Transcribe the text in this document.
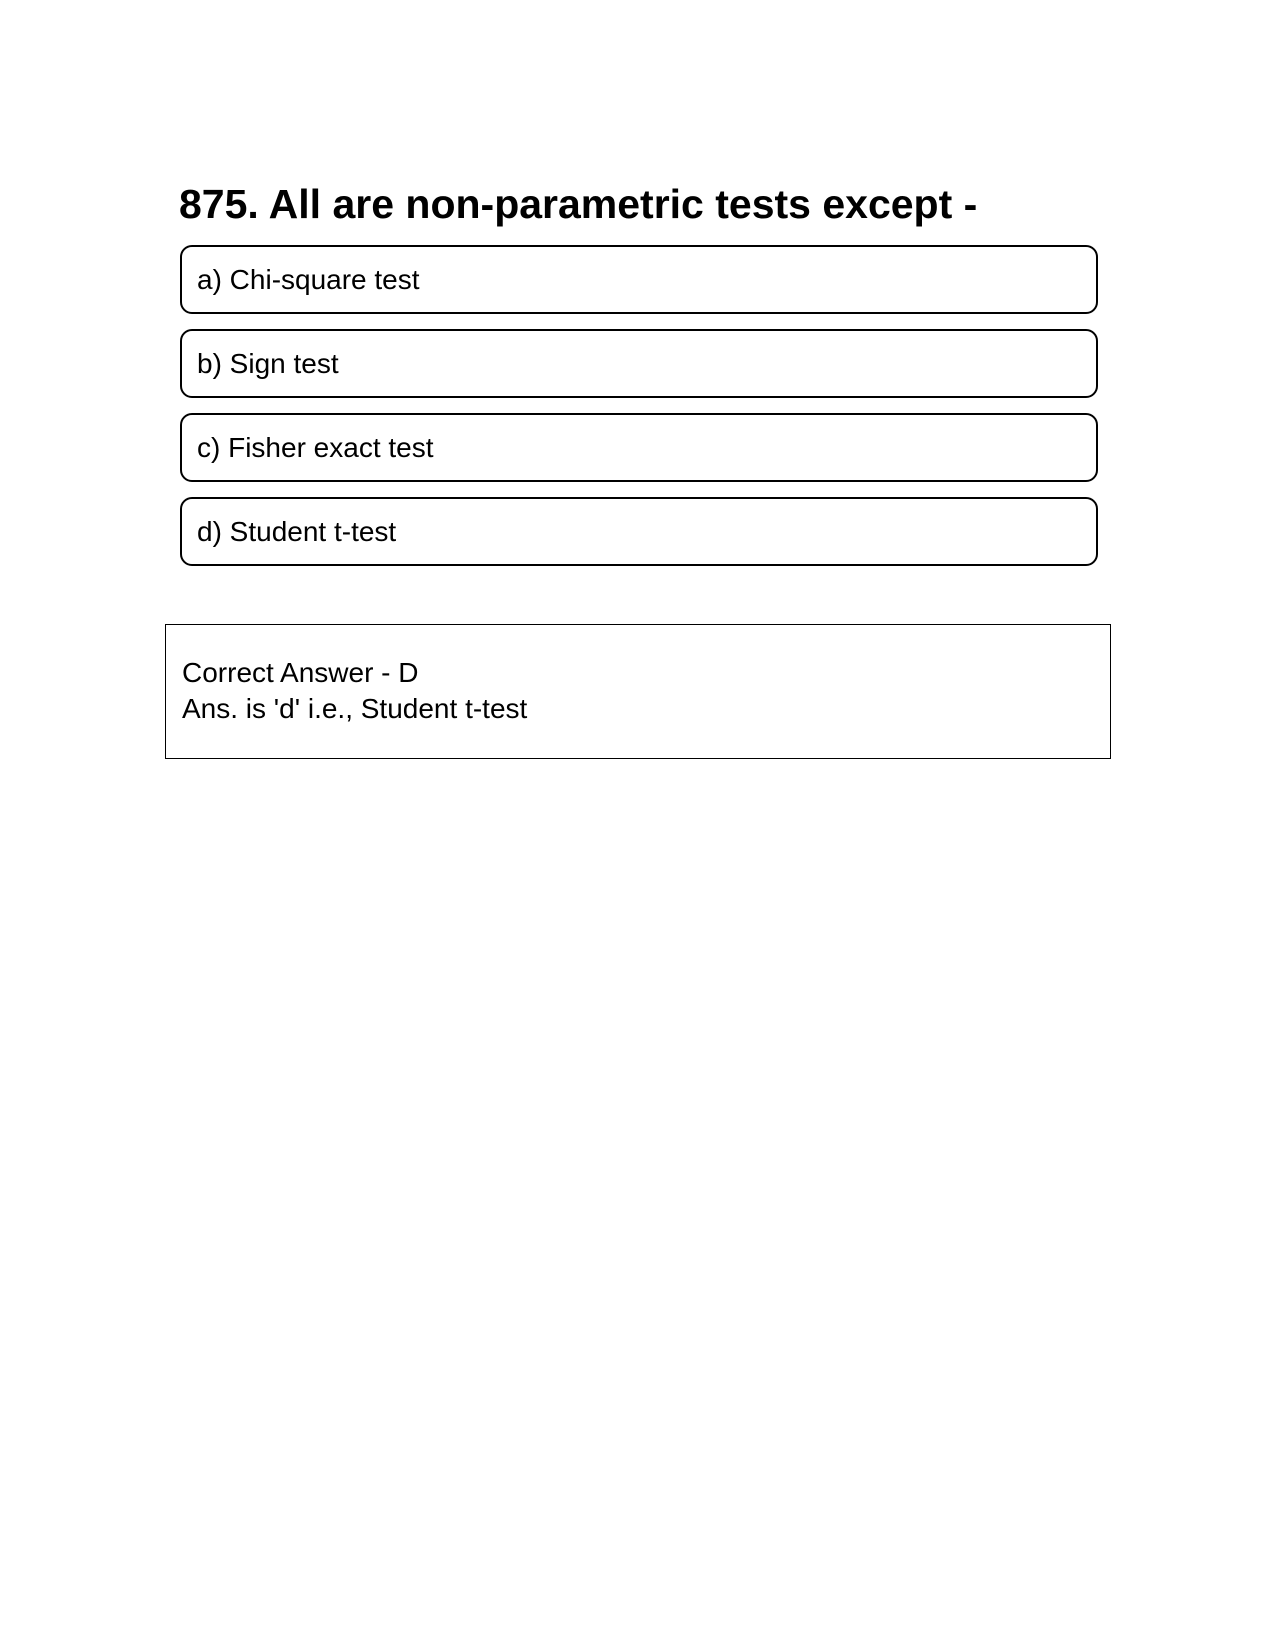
875. All are non-parametric tests except -
a) Chi-square test
b) Sign test
c) Fisher exact test
d) Student t-test
Correct Answer - D
Ans. is 'd' i.e., Student t-test
